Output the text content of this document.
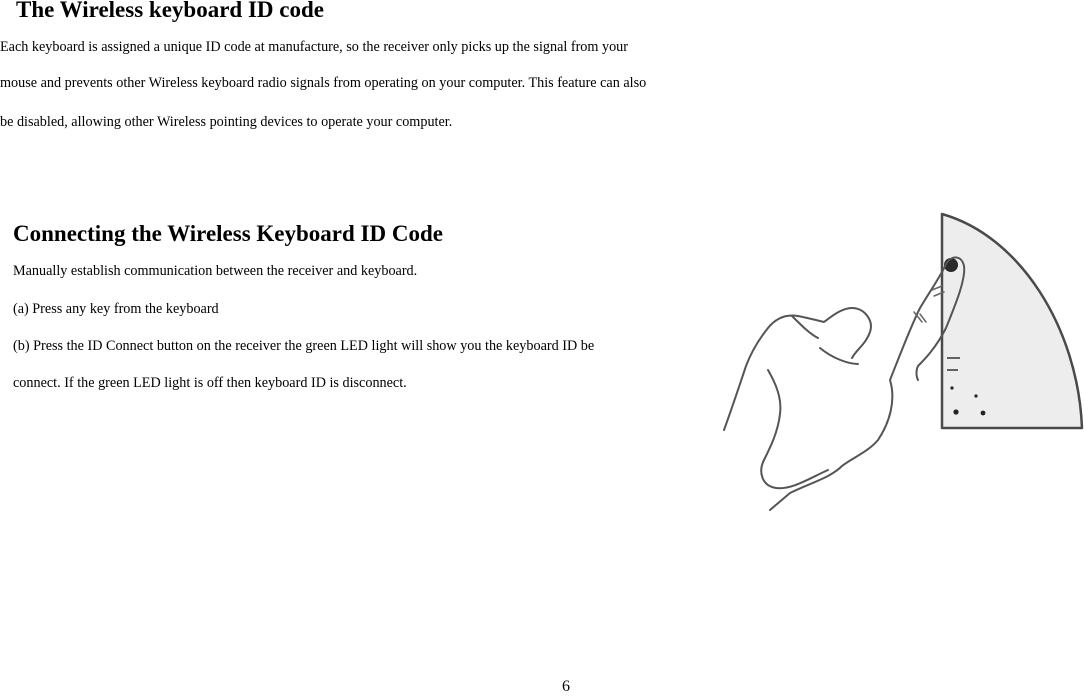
The Wireless keyboard ID code

Each keyboard is assigned a unique ID code at manufacture, so the receiver only picks up the signal from your

mouse and prevents other Wireless keyboard radio signals from operating on your computer. This feature can also

be disabled, allowing other Wireless pointing devices to operate your computer.

Connecting the Wireless Keyboard ID Code

Manually establish communication between the receiver and keyboard.

(a) Press any key from the keyboard

(b) Press the ID Connect button on the receiver the green LED light will show you the keyboard ID be

connect. If the green LED light is off then keyboard ID is disconnect.

6
